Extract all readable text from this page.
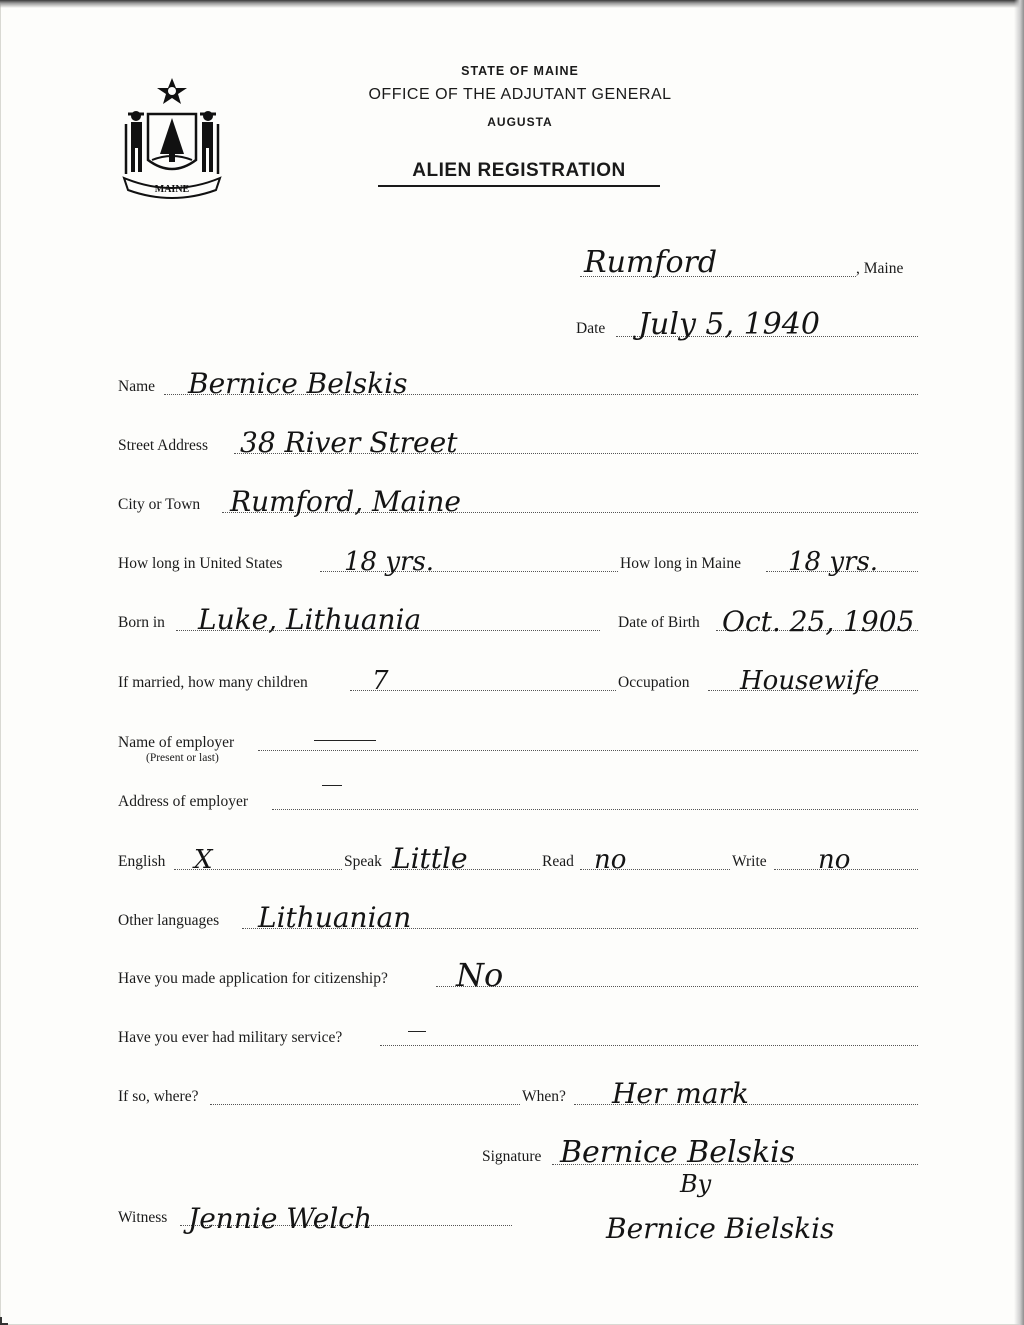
MAINE
STATE OF MAINE
OFFICE OF THE ADJUTANT GENERAL
AUGUSTA
ALIEN REGISTRATION
Rumford	, Maine
Date July 5, 1940
Name Bernice Belskis
Street Address 38 River Street
City or Town Rumford, Maine
How long in United States 18 yrs.	How long in Maine 18 yrs.
Born in Luke, Lithuania	Date of Birth Oct. 25, 1905
If married, how many children 7	Occupation Housewife
Name of employer
(Present or last)
Address of employer
English X	Speak Little	Read no	Write no
Other languages Lithuanian
Have you made application for citizenship? No
Have you ever had military service?
If so, where?	When? Her mark
Signature Bernice Belskis
By
Bernice Bielskis
Witness Jennie Welch
